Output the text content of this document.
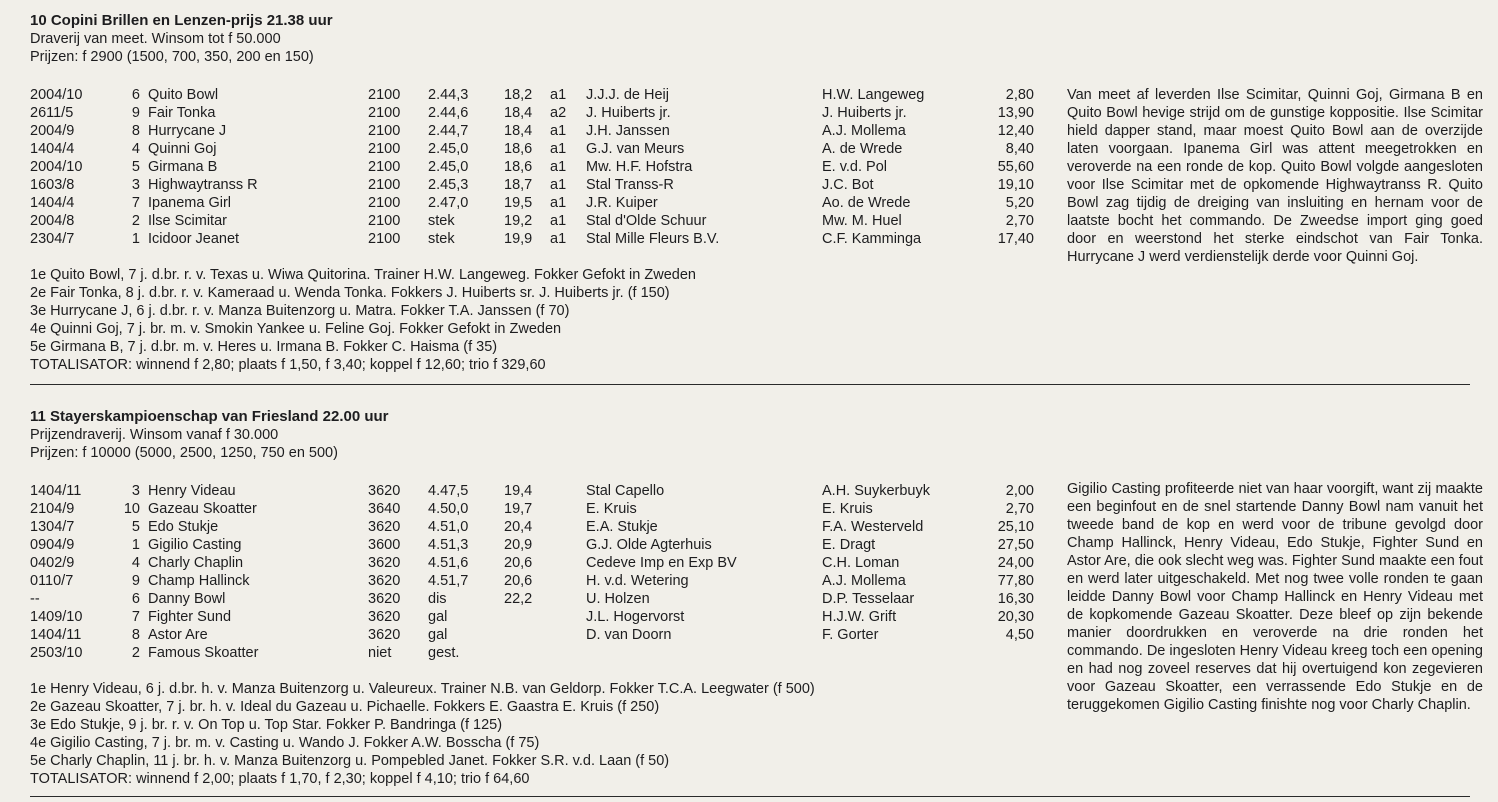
10 Copini Brillen en Lenzen-prijs 21.38 uur
Draverij van meet. Winsom tot f 50.000
Prijzen: f 2900 (1500, 700, 350, 200 en 150)
2004/10	6	Quito Bowl	2100	2.44,3	18,2	a1	J.J.J. de Heij	H.W. Langeweg	2,80
2611/5	9	Fair Tonka	2100	2.44,6	18,4	a2	J. Huiberts jr.	J. Huiberts jr.	13,90
2004/9	8	Hurrycane J	2100	2.44,7	18,4	a1	J.H. Janssen	A.J. Mollema	12,40
1404/4	4	Quinni Goj	2100	2.45,0	18,6	a1	G.J. van Meurs	A. de Wrede	8,40
2004/10	5	Girmana B	2100	2.45,0	18,6	a1	Mw. H.F. Hofstra	E. v.d. Pol	55,60
1603/8	3	Highwaytranss R	2100	2.45,3	18,7	a1	Stal Transs-R	J.C. Bot	19,10
1404/4	7	Ipanema Girl	2100	2.47,0	19,5	a1	J.R. Kuiper	Ao. de Wrede	5,20
2004/8	2	Ilse Scimitar	2100	stek	19,2	a1	Stal d'Olde Schuur	Mw. M. Huel	2,70
2304/7	1	Icidoor Jeanet	2100	stek	19,9	a1	Stal Mille Fleurs B.V.	C.F. Kamminga	17,40
1e Quito Bowl, 7 j. d.br. r. v. Texas u. Wiwa Quitorina. Trainer H.W. Langeweg. Fokker Gefokt in Zweden
2e Fair Tonka, 8 j. d.br. r. v. Kameraad u. Wenda Tonka. Fokkers J. Huiberts sr. J. Huiberts jr. (f 150)
3e Hurrycane J, 6 j. d.br. r. v. Manza Buitenzorg u. Matra. Fokker T.A. Janssen (f 70)
4e Quinni Goj, 7 j. br. m. v. Smokin Yankee u. Feline Goj. Fokker Gefokt in Zweden
5e Girmana B, 7 j. d.br. m. v. Heres u. Irmana B. Fokker C. Haisma (f 35)
TOTALISATOR: winnend f 2,80; plaats f 1,50, f 3,40; koppel f 12,60; trio f 329,60
Van meet af leverden Ilse Scimitar, Quinni Goj, Girmana B en Quito Bowl hevige strijd om de gunstige koppositie. Ilse Scimitar hield dapper stand, maar moest Quito Bowl aan de overzijde laten voorgaan. Ipanema Girl was attent meegetrokken en veroverde na een ronde de kop. Quito Bowl volgde aangesloten voor Ilse Scimitar met de opkomende Highwaytranss R. Quito Bowl zag tijdig de dreiging van insluiting en hernam voor de laatste bocht het commando. De Zweedse import ging goed door en weerstond het sterke eindschot van Fair Tonka. Hurrycane J werd verdienstelijk derde voor Quinni Goj.
11 Stayerskampioenschap van Friesland 22.00 uur
Prijzendraverij. Winsom vanaf f 30.000
Prijzen: f 10000 (5000, 2500, 1250, 750 en 500)
1404/11	3	Henry Videau	3620	4.47,5	19,4		Stal Capello	A.H. Suykerbuyk	2,00
2104/9	10	Gazeau Skoatter	3640	4.50,0	19,7		E. Kruis	E. Kruis	2,70
1304/7	5	Edo Stukje	3620	4.51,0	20,4		E.A. Stukje	F.A. Westerveld	25,10
0904/9	1	Gigilio Casting	3600	4.51,3	20,9		G.J. Olde Agterhuis	E. Dragt	27,50
0402/9	4	Charly Chaplin	3620	4.51,6	20,6		Cedeve Imp en Exp BV	C.H. Loman	24,00
0110/7	9	Champ Hallinck	3620	4.51,7	20,6		H. v.d. Wetering	A.J. Mollema	77,80
--	6	Danny Bowl	3620	dis	22,2		U. Holzen	D.P. Tesselaar	16,30
1409/10	7	Fighter Sund	3620	gal			J.L. Hogervorst	H.J.W. Grift	20,30
1404/11	8	Astor Are	3620	gal			D. van Doorn	F. Gorter	4,50
2503/10	2	Famous Skoatter	niet	gest.					
1e Henry Videau, 6 j. d.br. h. v. Manza Buitenzorg u. Valeureux. Trainer N.B. van Geldorp. Fokker T.C.A. Leegwater (f 500)
2e Gazeau Skoatter, 7 j. br. h. v. Ideal du Gazeau u. Pichaelle. Fokkers E. Gaastra E. Kruis (f 250)
3e Edo Stukje, 9 j. br. r. v. On Top u. Top Star. Fokker P. Bandringa (f 125)
4e Gigilio Casting, 7 j. br. m. v. Casting u. Wando J. Fokker A.W. Bosscha (f 75)
5e Charly Chaplin, 11 j. br. h. v. Manza Buitenzorg u. Pompebled Janet. Fokker S.R. v.d. Laan (f 50)
TOTALISATOR: winnend f 2,00; plaats f 1,70, f 2,30; koppel f 4,10; trio f 64,60
Gigilio Casting profiteerde niet van haar voorgift, want zij maakte een beginfout en de snel startende Danny Bowl nam vanuit het tweede band de kop en werd voor de tribune gevolgd door Champ Hallinck, Henry Videau, Edo Stukje, Fighter Sund en Astor Are, die ook slecht weg was. Fighter Sund maakte een fout en werd later uitgeschakeld. Met nog twee volle ronden te gaan leidde Danny Bowl voor Champ Hallinck en Henry Videau met de kopkomende Gazeau Skoatter. Deze bleef op zijn bekende manier doordrukken en veroverde na drie ronden het commando. De ingesloten Henry Videau kreeg toch een opening en had nog zoveel reserves dat hij overtuigend kon zegevieren voor Gazeau Skoatter, een verrassende Edo Stukje en de teruggekomen Gigilio Casting finishte nog voor Charly Chaplin.
